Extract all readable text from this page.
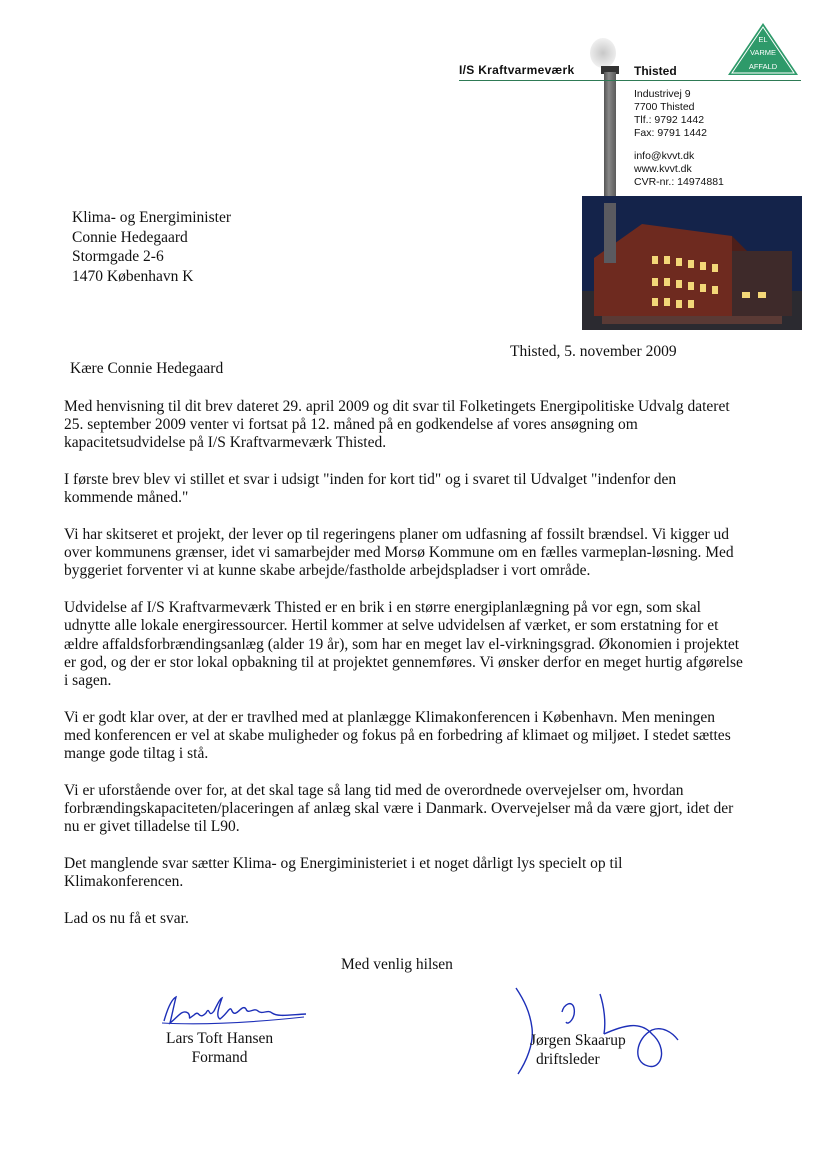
I/S Kraftvarmeværk	Thisted
EL
VARME
AFFALD
Industrivej 9
7700 Thisted
Tlf.: 9792 1442
Fax: 9791 1442
info@kvvt.dk
www.kvvt.dk
CVR-nr.: 14974881
Klima- og Energiminister
Connie Hedegaard
Stormgade 2-6
1470 København K
Thisted, 5. november 2009
Kære Connie Hedegaard

Med henvisning til dit brev dateret 29. april 2009 og dit svar til Folketingets Energipolitiske Udvalg dateret 25. september 2009 venter vi fortsat på 12. måned på en godkendelse af vores ansøgning om kapacitetsudvidelse på I/S Kraftvarmeværk Thisted.

I første brev blev vi stillet et svar i udsigt "inden for kort tid" og i svaret til Udvalget "indenfor den kommende måned."

Vi har skitseret et projekt, der lever op til regeringens planer om udfasning af fossilt brændsel. Vi kigger ud over kommunens grænser, idet vi samarbejder med Morsø Kommune om en fælles varmeplan-løsning. Med byggeriet forventer vi at kunne skabe arbejde/fastholde arbejdspladser i vort område.

Udvidelse af I/S Kraftvarmeværk Thisted er en brik i en større energiplanlægning på vor egn, som skal udnytte alle lokale energiressourcer. Hertil kommer at selve udvidelsen af værket, er som erstatning for et ældre affaldsforbrændingsanlæg (alder 19 år), som har en meget lav el-virkningsgrad. Økonomien i projektet er god, og der er stor lokal opbakning til at projektet gennemføres. Vi ønsker derfor en meget hurtig afgørelse i sagen.

Vi er godt klar over, at der er travlhed med at planlægge Klimakonferencen i København. Men meningen med konferencen er vel at skabe muligheder og fokus på en forbedring af klimaet og miljøet. I stedet sættes mange gode tiltag i stå.

Vi er uforstående over for, at det skal tage så lang tid med de overordnede overvejelser om, hvordan forbrændingskapaciteten/placeringen af anlæg skal være i Danmark. Overvejelser må da være gjort, idet der nu er givet tilladelse til L90.

Det manglende svar sætter Klima- og Energiministeriet i et noget dårligt lys specielt op til Klimakonferencen.

Lad os nu få et svar.

Med venlig hilsen
Lars Toft Hansen
Formand
Jørgen Skaarup
driftsleder
